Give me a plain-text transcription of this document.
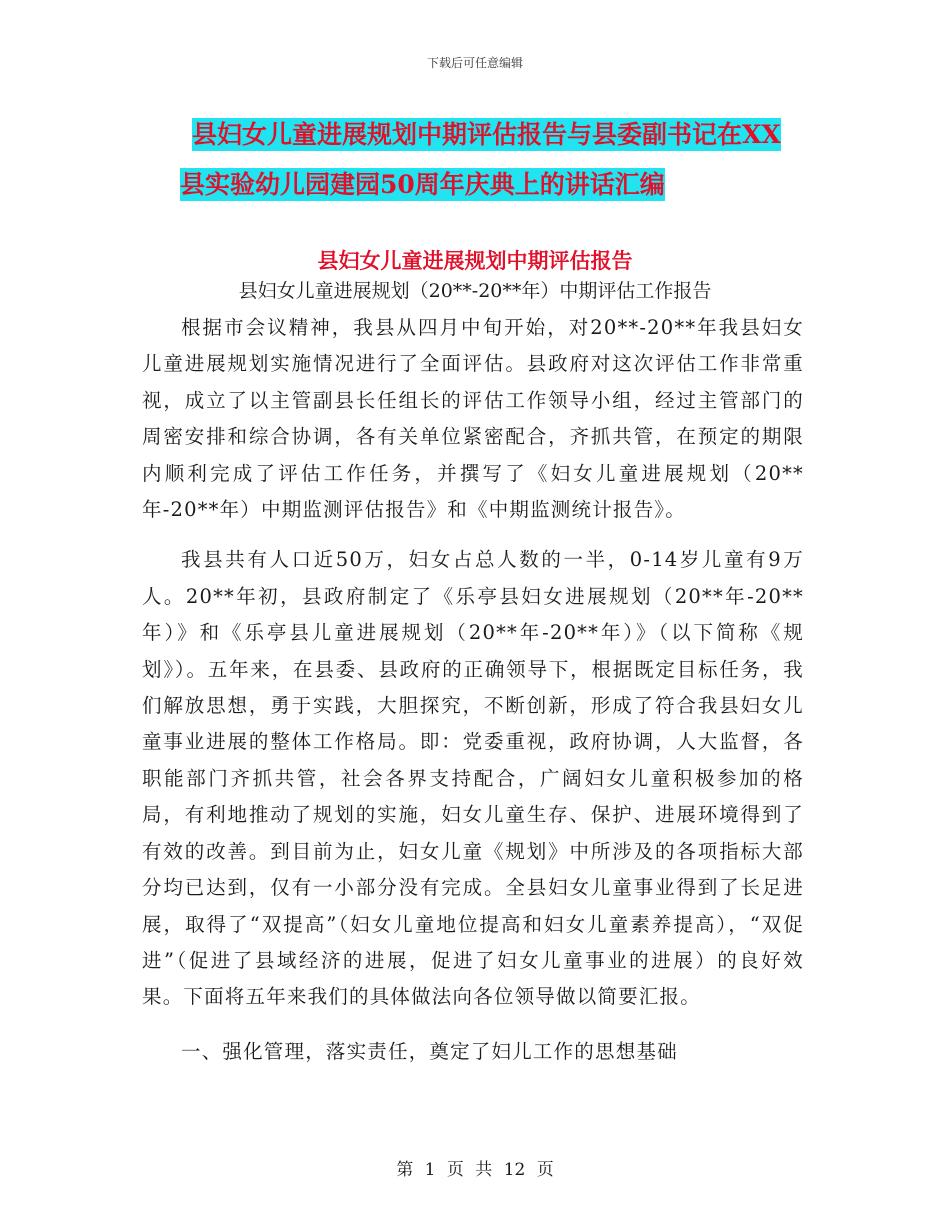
下载后可任意编辑
县妇女儿童进展规划中期评估报告与县委副书记在XX
县实验幼儿园建园50周年庆典上的讲话汇编
县妇女儿童进展规划中期评估报告
县妇女儿童进展规划（20**-20**年）中期评估工作报告

根据市会议精神，我县从四月中旬开始，对20**-20**年我县妇女儿童进展规划实施情况进行了全面评估。县政府对这次评估工作非常重视，成立了以主管副县长任组长的评估工作领导小组，经过主管部门的周密安排和综合协调，各有关单位紧密配合，齐抓共管，在预定的期限内顺利完成了评估工作任务，并撰写了《妇女儿童进展规划（20**年-20**年）中期监测评估报告》和《中期监测统计报告》。

我县共有人口近50万，妇女占总人数的一半，0-14岁儿童有9万人。20**年初，县政府制定了《乐亭县妇女进展规划（20**年-20**年）》和《乐亭县儿童进展规划（20**年-20**年）》（以下简称《规划》）。五年来，在县委、县政府的正确领导下，根据既定目标任务，我们解放思想，勇于实践，大胆探究，不断创新，形成了符合我县妇女儿童事业进展的整体工作格局。即：党委重视，政府协调，人大监督，各职能部门齐抓共管，社会各界支持配合，广阔妇女儿童积极参加的格局，有利地推动了规划的实施，妇女儿童生存、保护、进展环境得到了有效的改善。到目前为止，妇女儿童《规划》中所涉及的各项指标大部分均已达到，仅有一小部分没有完成。全县妇女儿童事业得到了长足进展，取得了“双提高”（妇女儿童地位提高和妇女儿童素养提高），“双促进”（促进了县域经济的进展，促进了妇女儿童事业的进展）的良好效果。下面将五年来我们的具体做法向各位领导做以简要汇报。

一、强化管理，落实责任，奠定了妇儿工作的思想基础

第 1 页 共 12 页
